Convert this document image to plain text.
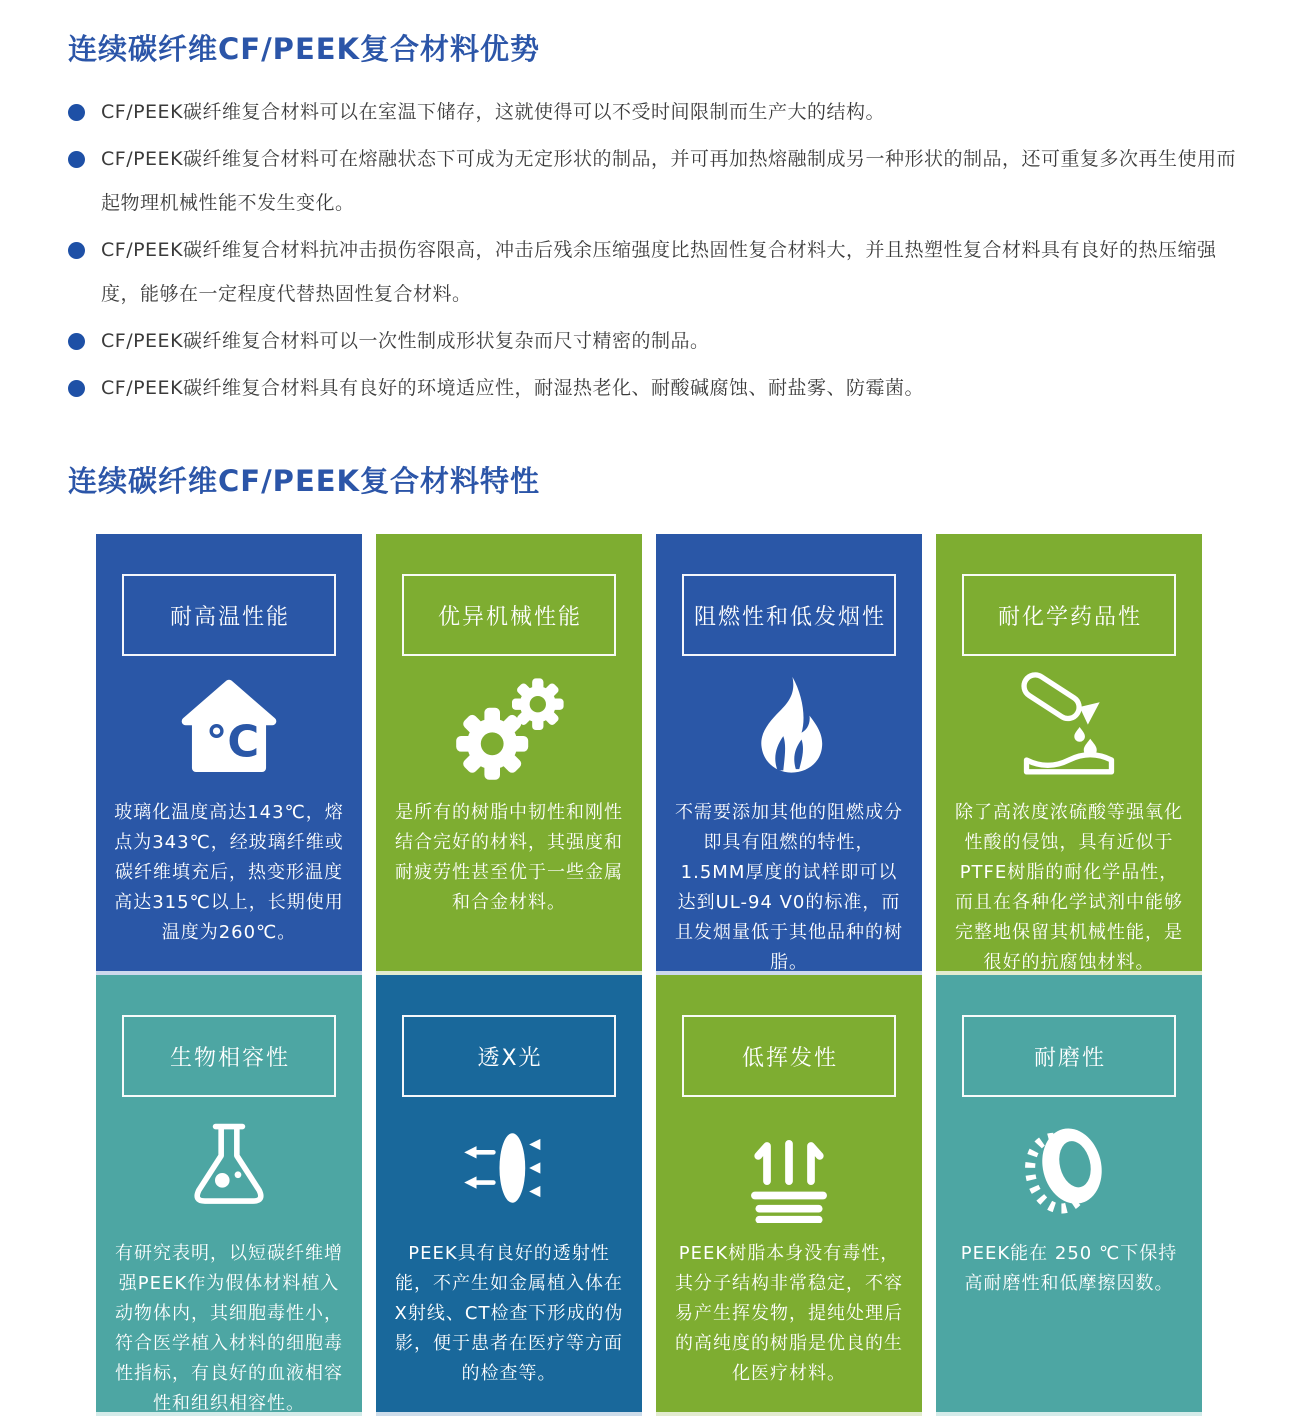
连续碳纤维CF/PEEK复合材料优势
CF/PEEK碳纤维复合材料可以在室温下储存，这就使得可以不受时间限制而生产大的结构。
CF/PEEK碳纤维复合材料可在熔融状态下可成为无定形状的制品，并可再加热熔融制成另一种形状的制品，还可重复多次再生使用而起物理机械性能不发生变化。
CF/PEEK碳纤维复合材料抗冲击损伤容限高，冲击后残余压缩强度比热固性复合材料大，并且热塑性复合材料具有良好的热压缩强度，能够在一定程度代替热固性复合材料。
CF/PEEK碳纤维复合材料可以一次性制成形状复杂而尺寸精密的制品。
CF/PEEK碳纤维复合材料具有良好的环境适应性，耐湿热老化、耐酸碱腐蚀、耐盐雾、防霉菌。
连续碳纤维CF/PEEK复合材料特性
耐高温性能
°C

玻璃化温度高达143℃，熔点为343℃，经玻璃纤维或碳纤维填充后，热变形温度高达315℃以上，长期使用温度为260℃。

优异机械性能

是所有的树脂中韧性和刚性结合完好的材料，其强度和耐疲劳性甚至优于一些金属和合金材料。

阻燃性和低发烟性

不需要添加其他的阻燃成分即具有阻燃的特性，1.5MM厚度的试样即可以达到UL-94 V0的标准，而且发烟量低于其他品种的树脂。

耐化学药品性

除了高浓度浓硫酸等强氧化性酸的侵蚀，具有近似于PTFE树脂的耐化学品性，而且在各种化学试剂中能够完整地保留其机械性能，是很好的抗腐蚀材料。

生物相容性

有研究表明，以短碳纤维增强PEEK作为假体材料植入动物体内，其细胞毒性小，符合医学植入材料的细胞毒性指标，有良好的血液相容性和组织相容性。

透X光

PEEK具有良好的透射性能，不产生如金属植入体在X射线、CT检查下形成的伪影，便于患者在医疗等方面的检查等。

低挥发性

PEEK树脂本身没有毒性，其分子结构非常稳定，不容易产生挥发物，提纯处理后的高纯度的树脂是优良的生化医疗材料。

耐磨性

PEEK能在 250 ℃下保持高耐磨性和低摩擦因数。
